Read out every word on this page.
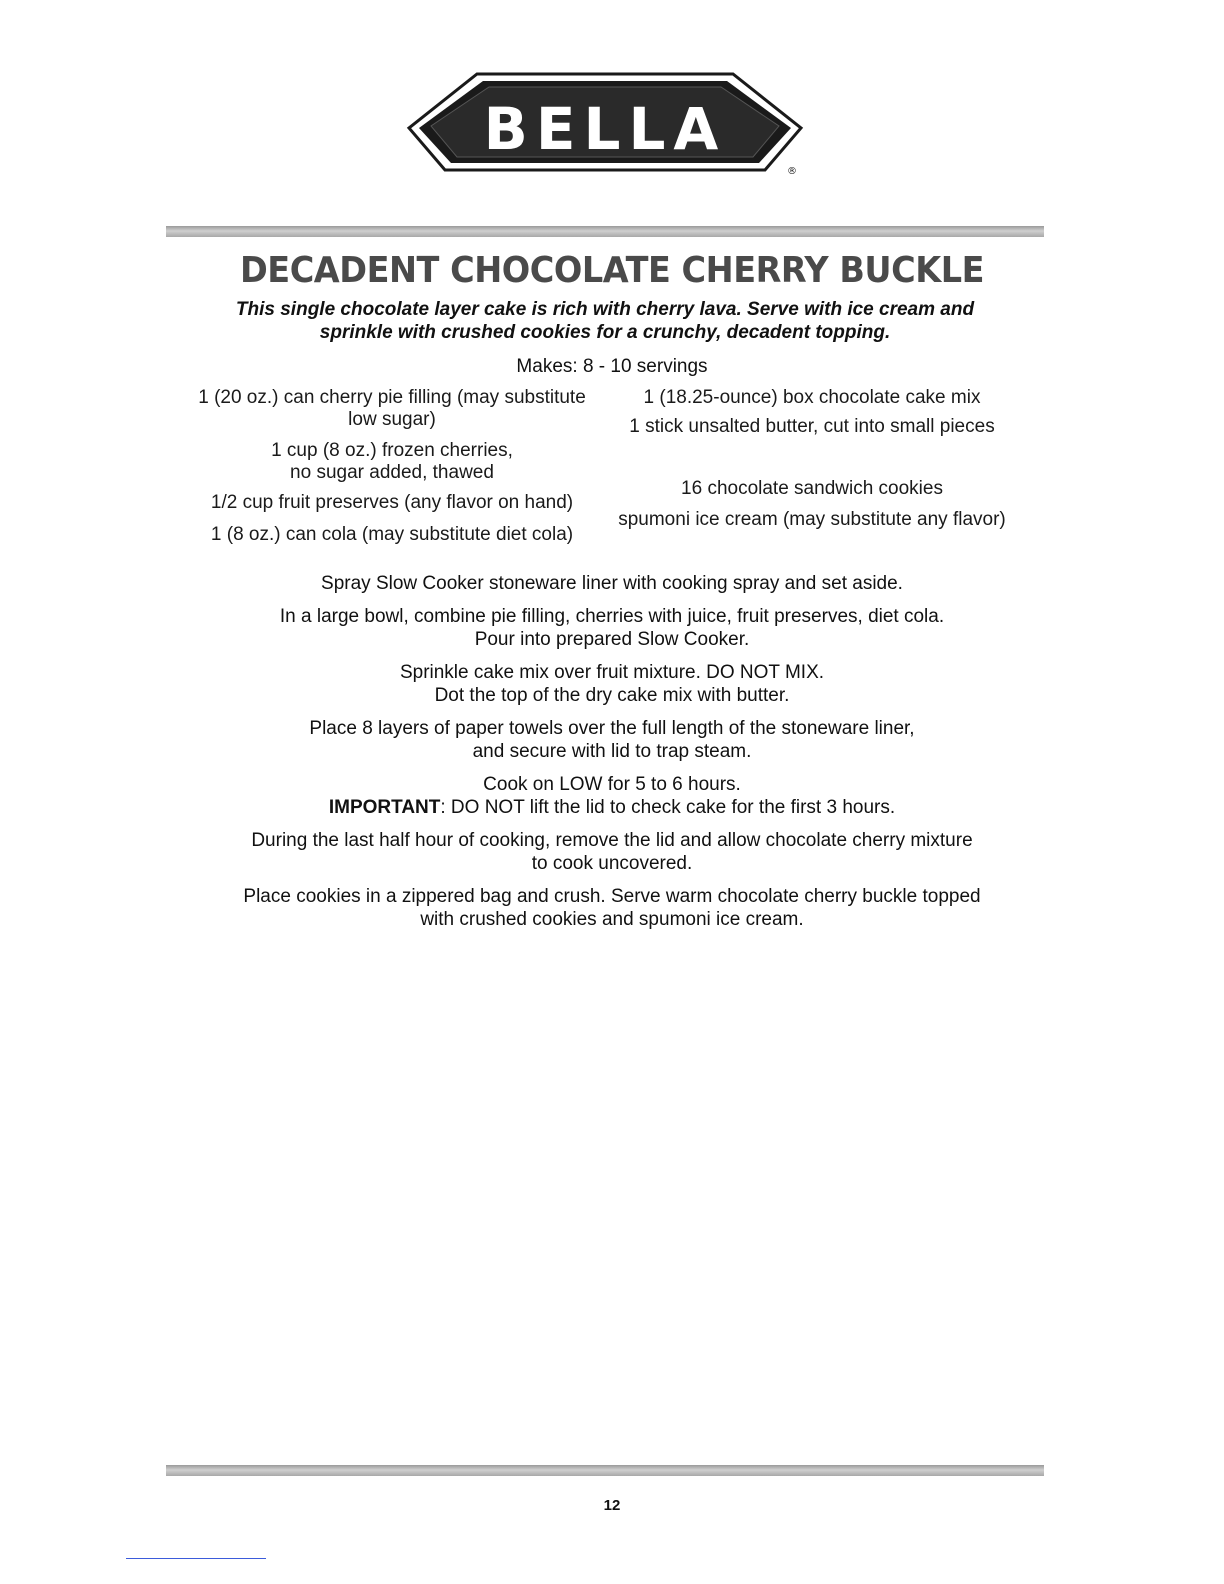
BELLA
®
DECADENT CHOCOLATE CHERRY BUCKLE

This single chocolate layer cake is rich with cherry lava. Serve with ice cream and

sprinkle with crushed cookies for a crunchy, decadent topping.

Makes: 8 - 10 servings
1 (20 oz.) can cherry pie filling (may substitute
low sugar)
1 cup (8 oz.) frozen cherries,
no sugar added, thawed
1/2 cup fruit preserves (any flavor on hand)
1 (8 oz.) can cola (may substitute diet cola)
1 (18.25-ounce) box chocolate cake mix
1 stick unsalted butter, cut into small pieces
16 chocolate sandwich cookies
spumoni ice cream (may substitute any flavor)

Spray Slow Cooker stoneware liner with cooking spray and set aside.

In a large bowl, combine pie filling, cherries with juice, fruit preserves, diet cola.
Pour into prepared Slow Cooker.

Sprinkle cake mix over fruit mixture. DO NOT MIX.
Dot the top of the dry cake mix with butter.

Place 8 layers of paper towels over the full length of the stoneware liner,
and secure with lid to trap steam.

Cook on LOW for 5 to 6 hours.
IMPORTANT: DO NOT lift the lid to check cake for the first 3 hours.

During the last half hour of cooking, remove the lid and allow chocolate cherry mixture
to cook uncovered.

Place cookies in a zippered bag and crush. Serve warm chocolate cherry buckle topped
with crushed cookies and spumoni ice cream.

12
